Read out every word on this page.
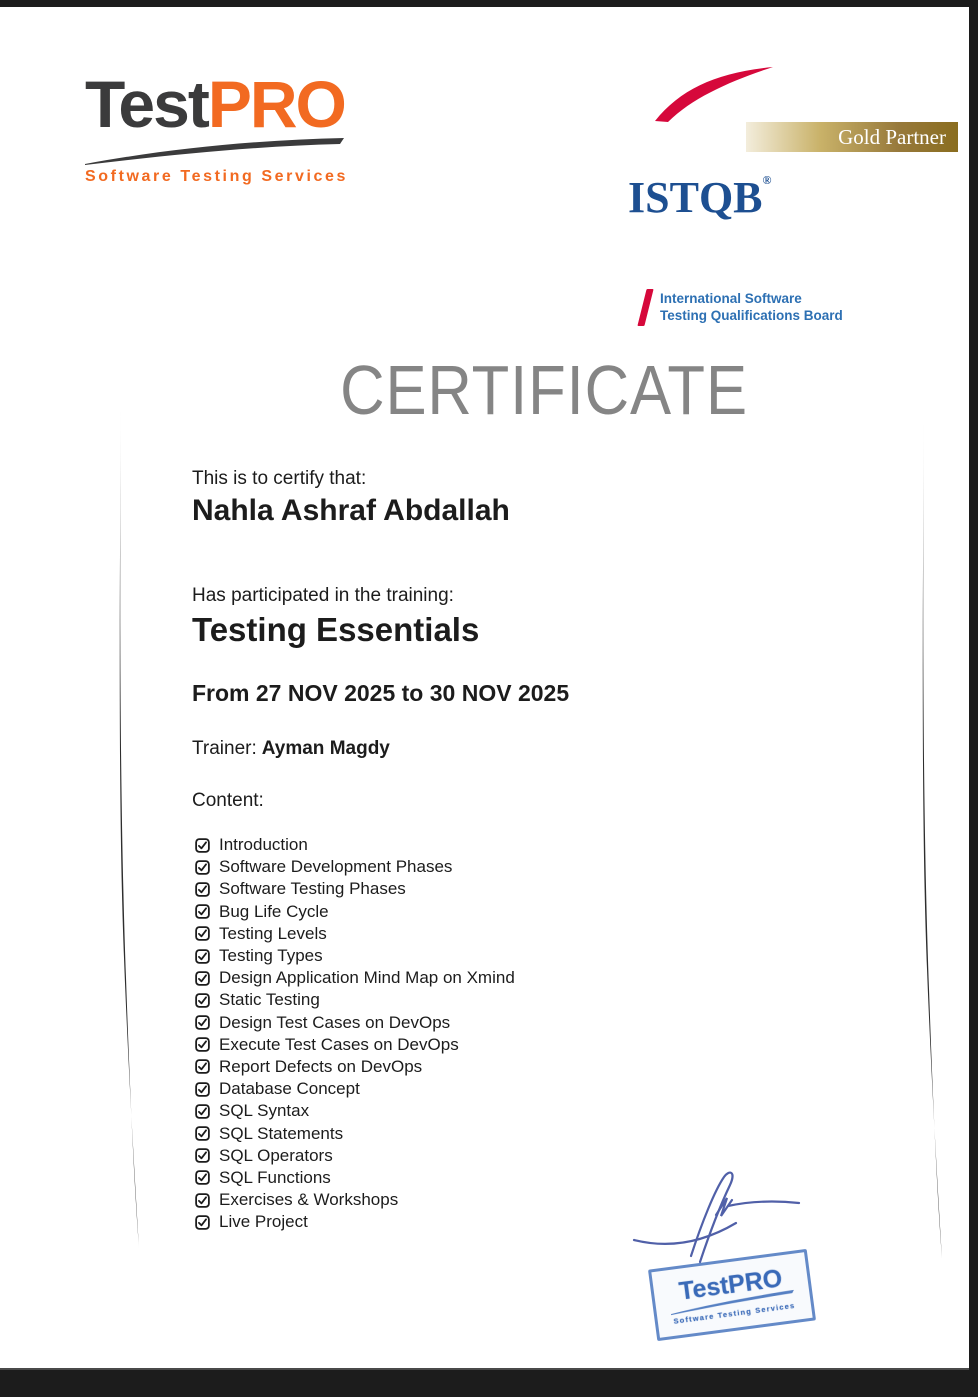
TestPRO
Software Testing Services	ISTQB®
Gold Partner
International Software
Testing Qualifications Board
CERTIFICATE
This is to certify that:
Nahla Ashraf Abdallah
Has participated in the training:
Testing Essentials
From 27 NOV 2025 to 30 NOV 2025
Trainer: Ayman Magdy
Content:
Introduction
Software Development Phases
Software Testing Phases
Bug Life Cycle
Testing Levels
Testing Types
Design Application Mind Map on Xmind
Static Testing
Design Test Cases on DevOps
Execute Test Cases on DevOps
Report Defects on DevOps
Database Concept
SQL Syntax
SQL Statements
SQL Operators
SQL Functions
Exercises & Workshops
Live Project
TestPRO
Software Testing Services
